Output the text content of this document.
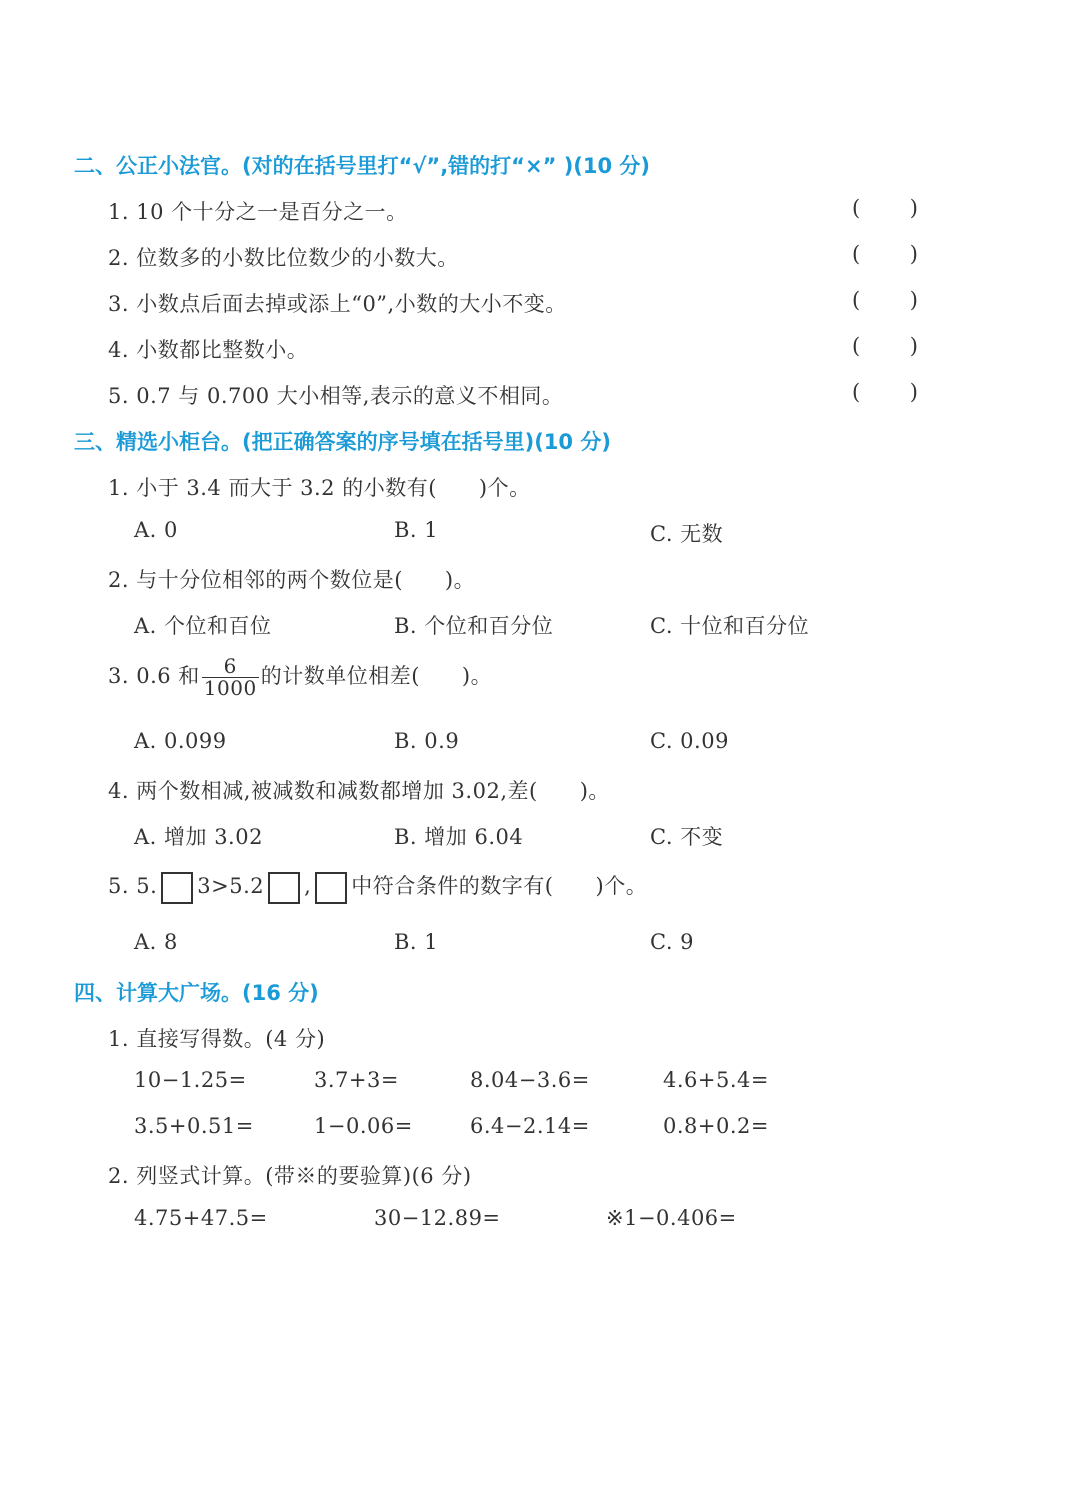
二、公正小法官。(对的在括号里打“√”,错的打“×” )(10 分)
1. 10 个十分之一是百分之一。	( )
2. 位数多的小数比位数少的小数大。	( )
3. 小数点后面去掉或添上“0”,小数的大小不变。	( )
4. 小数都比整数小。	( )
5. 0.7 与 0.700 大小相等,表示的意义不相同。	( )
三、精选小柜台。(把正确答案的序号填在括号里)(10 分)
1. 小于 3.4 而大于 3.2 的小数有( )个。
A. 0	B. 1	C. 无数
2. 与十分位相邻的两个数位是( )。
A. 个位和百位	B. 个位和百分位	C. 十位和百分位
3. 0.6 和 $\frac{6}{1000}$ 的计数单位相差( )。
A. 0.099	B. 0.9	C. 0.09
4. 两个数相减,被减数和减数都增加 3.02,差( )。
A. 增加 3.02	B. 增加 6.04	C. 不变
5. 5. 3>5.2 , 中符合条件的数字有( )个。
A. 8	B. 1	C. 9
四、计算大广场。(16 分)
1. 直接写得数。(4 分)
10−1.25=	3.7+3=	8.04−3.6=	4.6+5.4=
3.5+0.51=	1−0.06=	6.4−2.14=	0.8+0.2=
2. 列竖式计算。(带※的要验算)(6 分)
4.75+47.5=	30−12.89=	※1−0.406=
